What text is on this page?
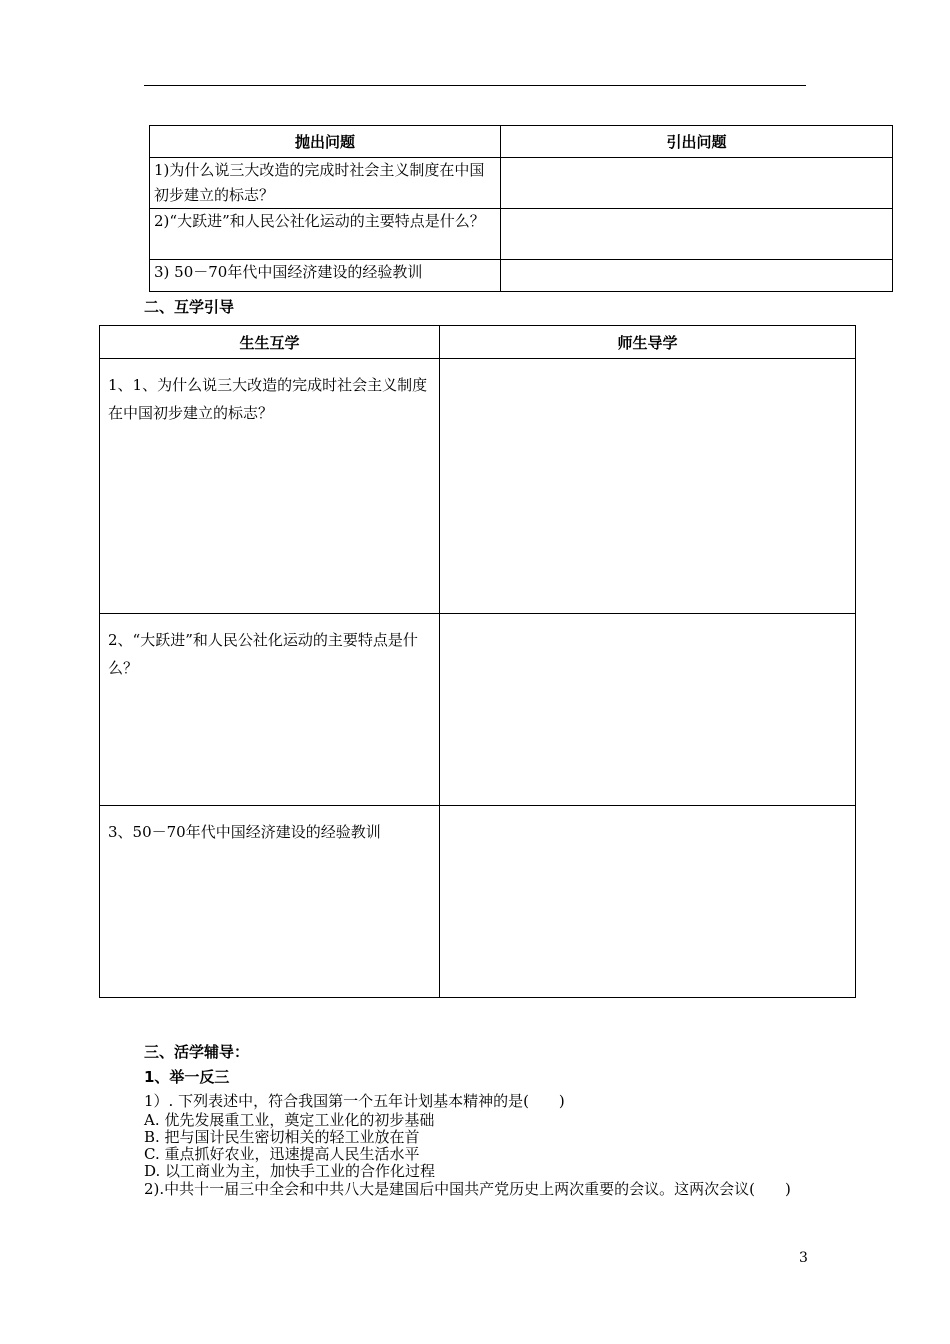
抛出问题	引出问题
1)为什么说三大改造的完成时社会主义制度在中国初步建立的标志？	
2)“大跃进”和人民公社化运动的主要特点是什么？	
3) 50－70年代中国经济建设的经验教训	
二、互学引导
生生互学	师生导学
1、1、为什么说三大改造的完成时社会主义制度在中国初步建立的标志？	
2、“大跃进”和人民公社化运动的主要特点是什么？	
3、50－70年代中国经济建设的经验教训	
三、活学辅导：
1、举一反三
1）. 下列表述中，符合我国第一个五年计划基本精神的是(　　)
A. 优先发展重工业，奠定工业化的初步基础
B. 把与国计民生密切相关的轻工业放在首
C. 重点抓好农业，迅速提高人民生活水平
D. 以工商业为主，加快手工业的合作化过程
2).中共十一届三中全会和中共八大是建国后中国共产党历史上两次重要的会议。这两次会议(　　)
3
